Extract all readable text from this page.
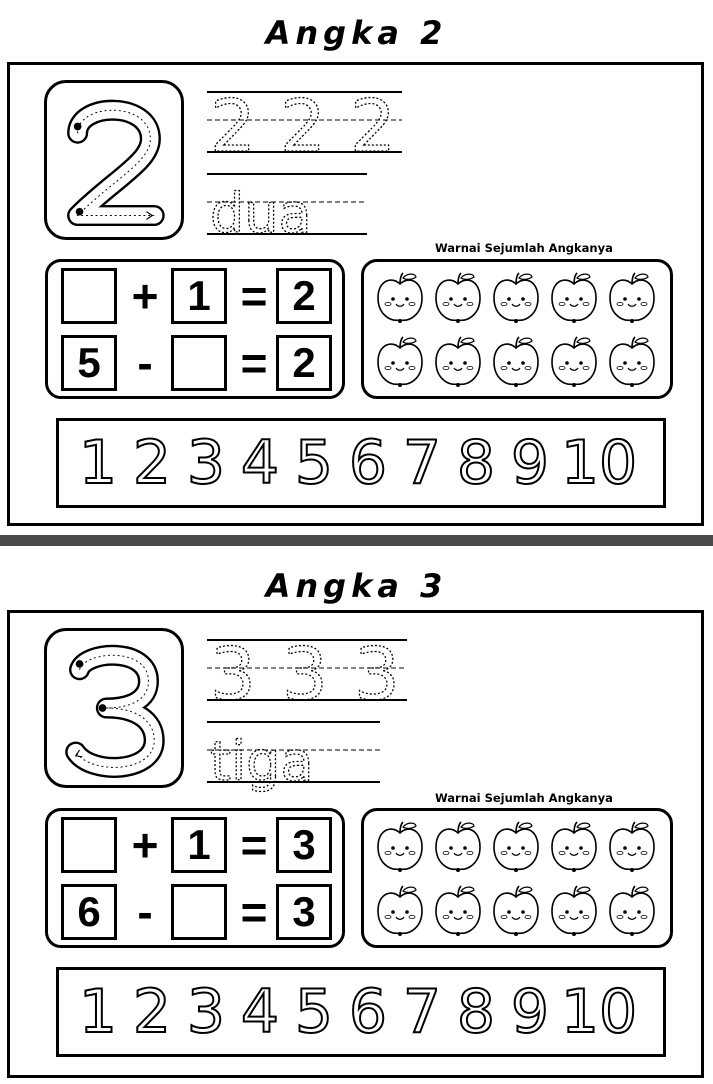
Angka 2
2 2 2
dua
+ 1 = 2
5 - = 2
Warnai Sejumlah Angkanya
1 2 3 4 5 6 7 8 9 10
Angka 3
3 3 3
tiga
+ 1 = 3
6 - = 3
Warnai Sejumlah Angkanya
1 2 3 4 5 6 7 8 9 10
